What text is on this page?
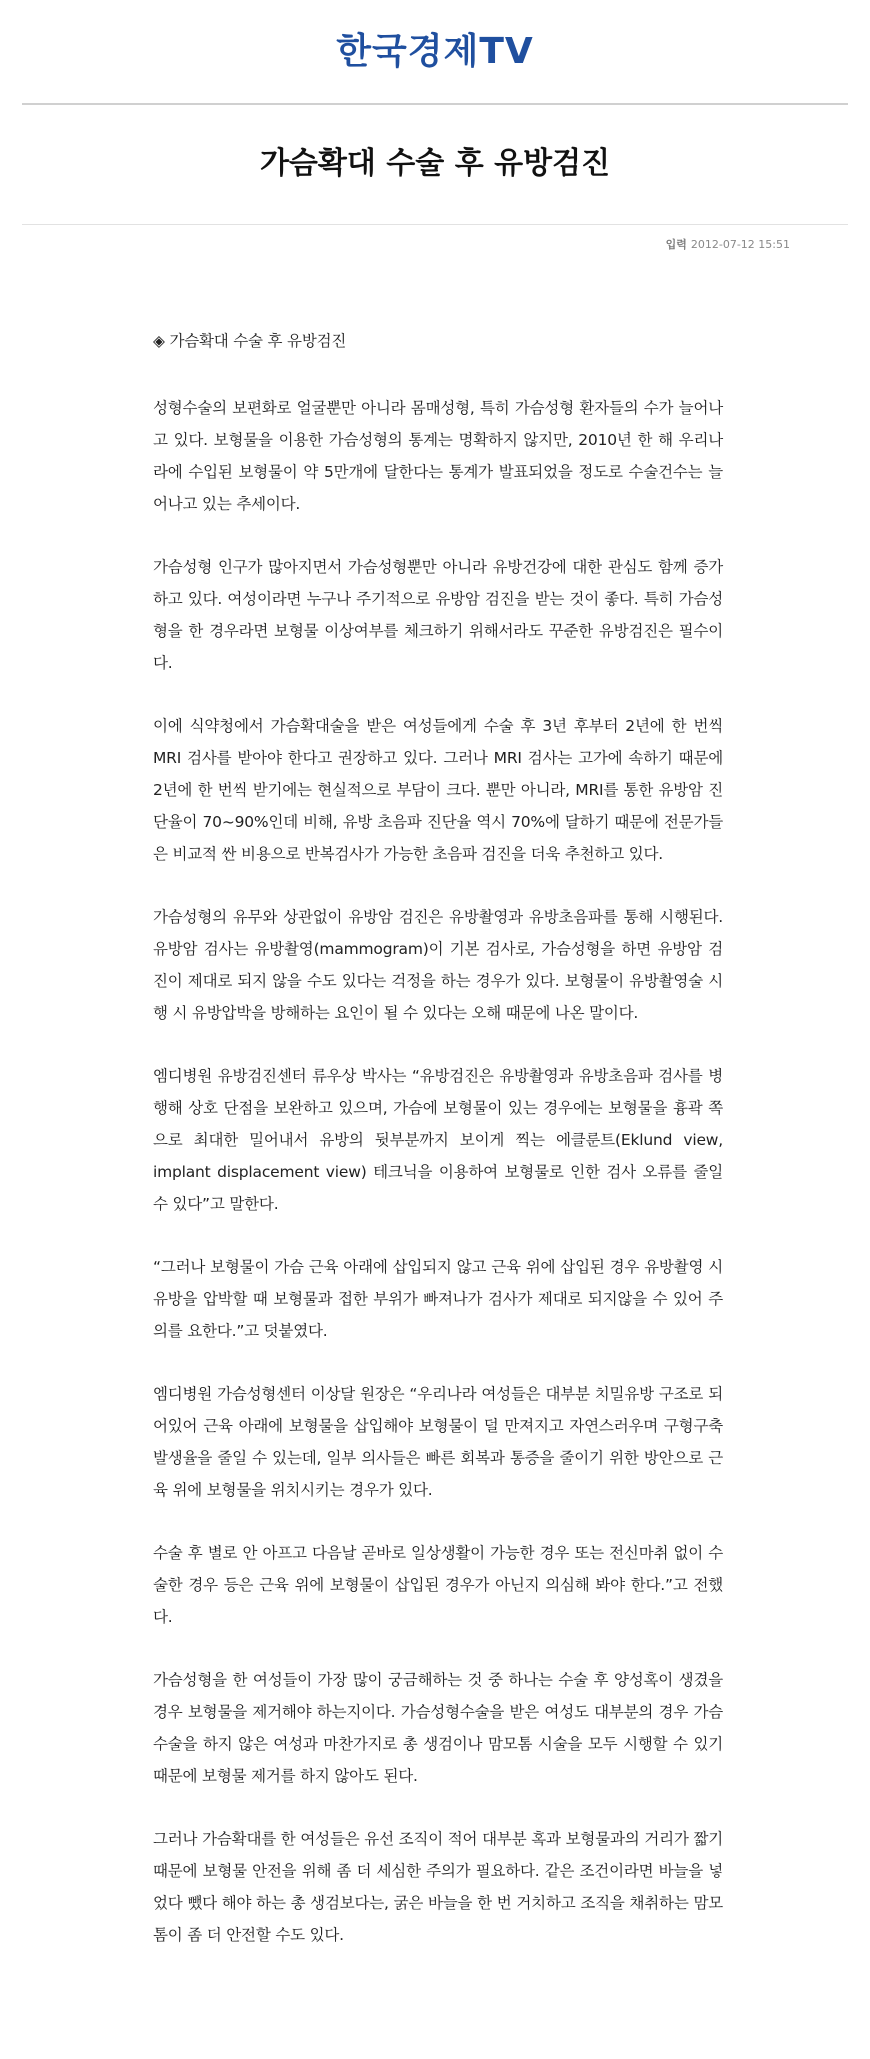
한국경제TV
가슴확대 수술 후 유방검진
입력 2012-07-12 15:51

◈ 가슴확대 수술 후 유방검진

성형수술의 보편화로 얼굴뿐만 아니라 몸매성형, 특히 가슴성형 환자들의 수가 늘어나고 있다. 보형물을 이용한 가슴성형의 통계는 명확하지 않지만, 2010년 한 해 우리나라에 수입된 보형물이 약 5만개에 달한다는 통계가 발표되었을 정도로 수술건수는 늘어나고 있는 추세이다.

가슴성형 인구가 많아지면서 가슴성형뿐만 아니라 유방건강에 대한 관심도 함께 증가하고 있다. 여성이라면 누구나 주기적으로 유방암 검진을 받는 것이 좋다. 특히 가슴성형을 한 경우라면 보형물 이상여부를 체크하기 위해서라도 꾸준한 유방검진은 필수이다.

이에 식약청에서 가슴확대술을 받은 여성들에게 수술 후 3년 후부터 2년에 한 번씩 MRI 검사를 받아야 한다고 권장하고 있다. 그러나 MRI 검사는 고가에 속하기 때문에 2년에 한 번씩 받기에는 현실적으로 부담이 크다. 뿐만 아니라, MRI를 통한 유방암 진단율이 70~90%인데 비해, 유방 초음파 진단율 역시 70%에 달하기 때문에 전문가들은 비교적 싼 비용으로 반복검사가 가능한 초음파 검진을 더욱 추천하고 있다.

가슴성형의 유무와 상관없이 유방암 검진은 유방촬영과 유방초음파를 통해 시행된다. 유방암 검사는 유방촬영(mammogram)이 기본 검사로, 가슴성형을 하면 유방암 검진이 제대로 되지 않을 수도 있다는 걱정을 하는 경우가 있다. 보형물이 유방촬영술 시행 시 유방압박을 방해하는 요인이 될 수 있다는 오해 때문에 나온 말이다.

엠디병원 유방검진센터 류우상 박사는 “유방검진은 유방촬영과 유방초음파 검사를 병행해 상호 단점을 보완하고 있으며, 가슴에 보형물이 있는 경우에는 보형물을 흉곽 쪽으로 최대한 밀어내서 유방의 뒷부분까지 보이게 찍는 에클룬트(Eklund view, implant displacement view) 테크닉을 이용하여 보형물로 인한 검사 오류를 줄일 수 있다”고 말한다.

“그러나 보형물이 가슴 근육 아래에 삽입되지 않고 근육 위에 삽입된 경우 유방촬영 시 유방을 압박할 때 보형물과 접한 부위가 빠져나가 검사가 제대로 되지않을 수 있어 주의를 요한다.”고 덧붙였다.

엠디병원 가슴성형센터 이상달 원장은 “우리나라 여성들은 대부분 치밀유방 구조로 되어있어 근육 아래에 보형물을 삽입해야 보형물이 덜 만져지고 자연스러우며 구형구축 발생율을 줄일 수 있는데, 일부 의사들은 빠른 회복과 통증을 줄이기 위한 방안으로 근육 위에 보형물을 위치시키는 경우가 있다.

수술 후 별로 안 아프고 다음날 곧바로 일상생활이 가능한 경우 또는 전신마취 없이 수술한 경우 등은 근육 위에 보형물이 삽입된 경우가 아닌지 의심해 봐야 한다.”고 전했다.

가슴성형을 한 여성들이 가장 많이 궁금해하는 것 중 하나는 수술 후 양성혹이 생겼을 경우 보형물을 제거해야 하는지이다. 가슴성형수술을 받은 여성도 대부분의 경우 가슴수술을 하지 않은 여성과 마찬가지로 총 생검이나 맘모톰 시술을 모두 시행할 수 있기 때문에 보형물 제거를 하지 않아도 된다.

그러나 가슴확대를 한 여성들은 유선 조직이 적어 대부분 혹과 보형물과의 거리가 짧기 때문에 보형물 안전을 위해 좀 더 세심한 주의가 필요하다. 같은 조건이라면 바늘을 넣었다 뺐다 해야 하는 총 생검보다는, 굵은 바늘을 한 번 거치하고 조직을 채취하는 맘모톰이 좀 더 안전할 수도 있다.
